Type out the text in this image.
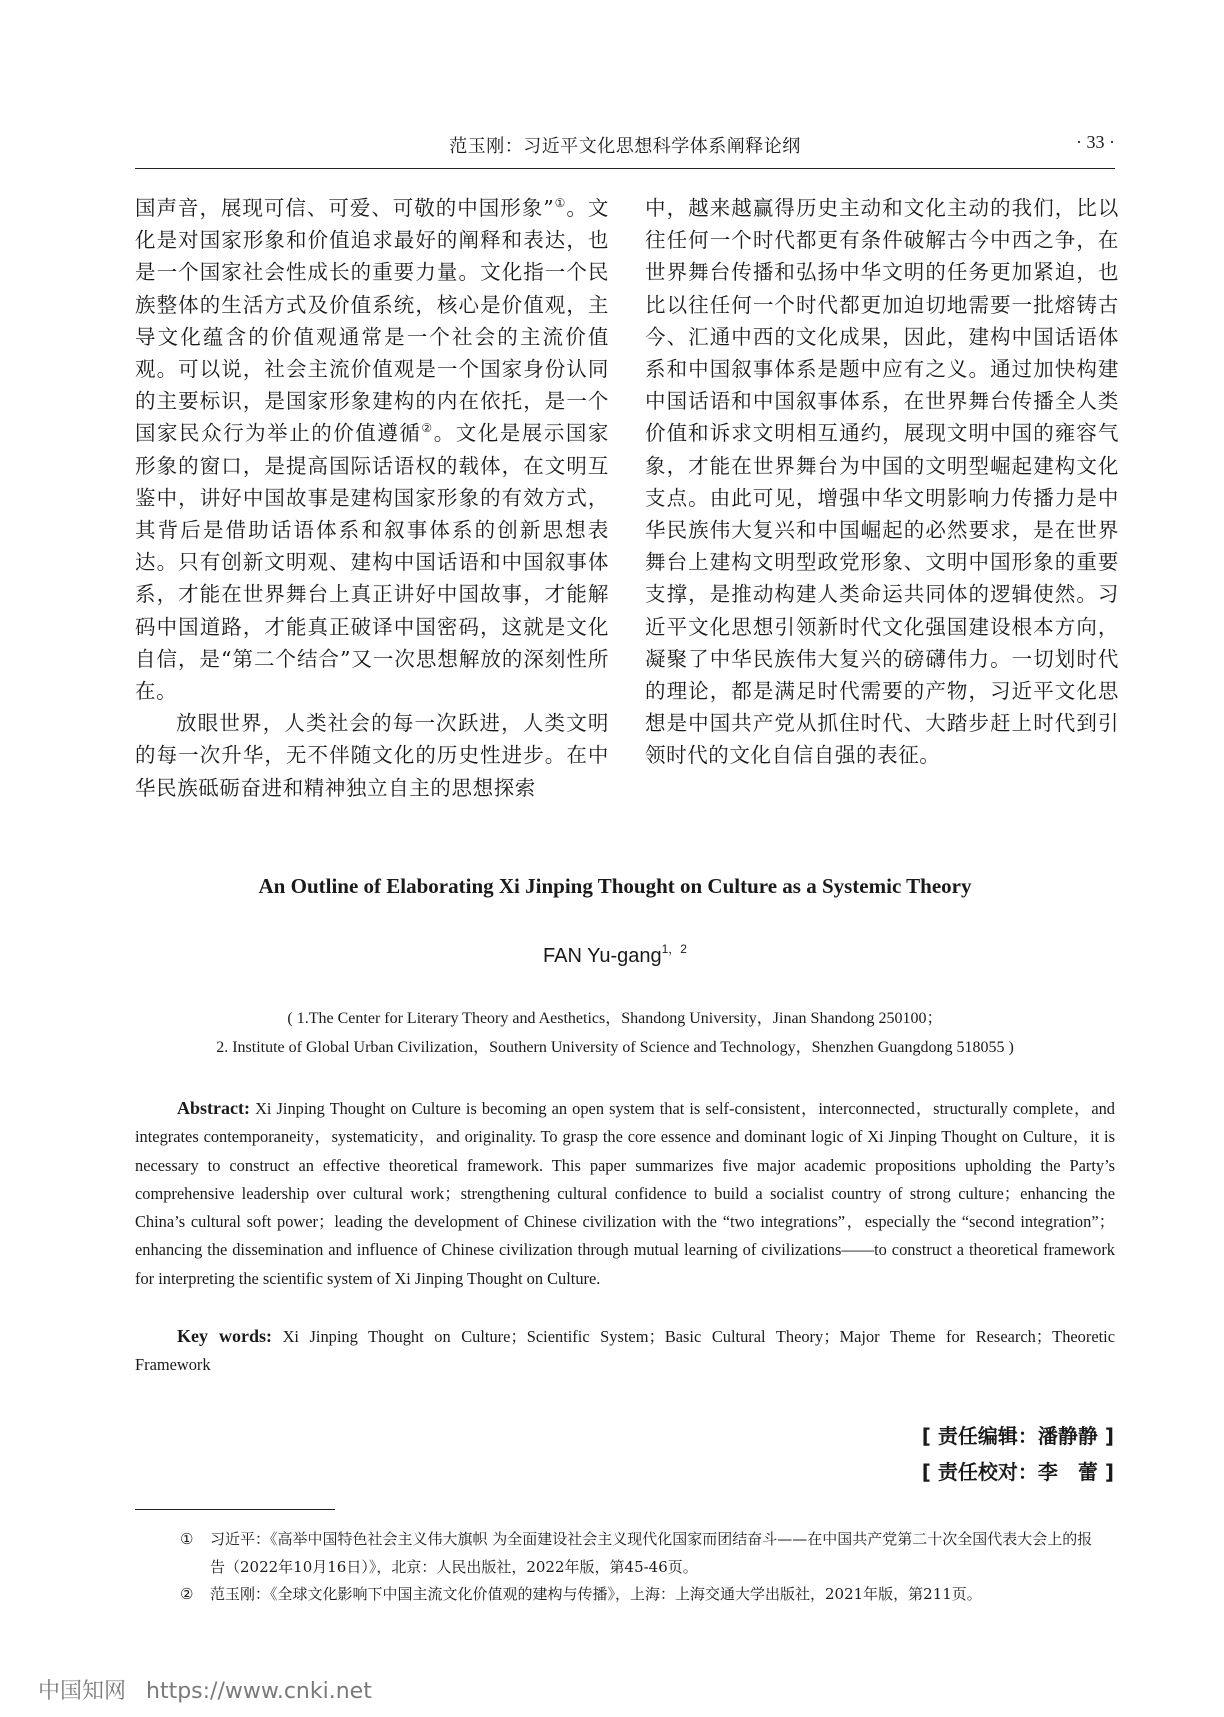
范玉刚：习近平文化思想科学体系阐释论纲	· 33 ·

国声音，展现可信、可爱、可敬的中国形象”①。文化是对国家形象和价值追求最好的阐释和表达，也是一个国家社会性成长的重要力量。文化指一个民族整体的生活方式及价值系统，核心是价值观，主导文化蕴含的价值观通常是一个社会的主流价值观。可以说，社会主流价值观是一个国家身份认同的主要标识，是国家形象建构的内在依托，是一个国家民众行为举止的价值遵循②。文化是展示国家形象的窗口，是提高国际话语权的载体，在文明互鉴中，讲好中国故事是建构国家形象的有效方式，其背后是借助话语体系和叙事体系的创新思想表达。只有创新文明观、建构中国话语和中国叙事体系，才能在世界舞台上真正讲好中国故事，才能解码中国道路，才能真正破译中国密码，这就是文化自信，是“第二个结合”又一次思想解放的深刻性所在。

放眼世界，人类社会的每一次跃进，人类文明的每一次升华，无不伴随文化的历史性进步。在中华民族砥砺奋进和精神独立自主的思想探索

中，越来越赢得历史主动和文化主动的我们，比以往任何一个时代都更有条件破解古今中西之争，在世界舞台传播和弘扬中华文明的任务更加紧迫，也比以往任何一个时代都更加迫切地需要一批熔铸古今、汇通中西的文化成果，因此，建构中国话语体系和中国叙事体系是题中应有之义。通过加快构建中国话语和中国叙事体系，在世界舞台传播全人类价值和诉求文明相互通约，展现文明中国的雍容气象，才能在世界舞台为中国的文明型崛起建构文化支点。由此可见，增强中华文明影响力传播力是中华民族伟大复兴和中国崛起的必然要求，是在世界舞台上建构文明型政党形象、文明中国形象的重要支撑，是推动构建人类命运共同体的逻辑使然。习近平文化思想引领新时代文化强国建设根本方向，凝聚了中华民族伟大复兴的磅礴伟力。一切划时代的理论，都是满足时代需要的产物，习近平文化思想是中国共产党从抓住时代、大踏步赶上时代到引领时代的文化自信自强的表征。

An Outline of Elaborating Xi Jinping Thought on Culture as a Systemic Theory
FAN Yu-gang$^{1,2}$
( 1.The Center for Literary Theory and Aesthetics，Shandong University，Jinan Shandong 250100；
2. Institute of Global Urban Civilization，Southern University of Science and Technology，Shenzhen Guangdong 518055 )
Abstract: Xi Jinping Thought on Culture is becoming an open system that is self-consistent，interconnected，structurally complete，and integrates contemporaneity，systematicity，and originality. To grasp the core essence and dominant logic of Xi Jinping Thought on Culture，it is necessary to construct an effective theoretical framework. This paper summarizes five major academic propositions upholding the Party’s comprehensive leadership over cultural work；strengthening cultural confidence to build a socialist country of strong culture；enhancing the China’s cultural soft power；leading the development of Chinese civilization with the “two integrations”，especially the “second integration”；enhancing the dissemination and influence of Chinese civilization through mutual learning of civilizations——to construct a theoretical framework for interpreting the scientific system of Xi Jinping Thought on Culture.
Key words: Xi Jinping Thought on Culture；Scientific System；Basic Cultural Theory；Major Theme for Research；Theoretic Framework
[ 责任编辑：潘静静 ]
[ 责任校对：李　蕾 ]
① 习近平：《高举中国特色社会主义伟大旗帜 为全面建设社会主义现代化国家而团结奋斗——在中国共产党第二十次全国代表大会上的报告（2022年10月16日）》，北京：人民出版社，2022年版，第45-46页。
② 范玉刚：《全球文化影响下中国主流文化价值观的建构与传播》，上海：上海交通大学出版社，2021年版，第211页。
中国知网 https://www.cnki.net
